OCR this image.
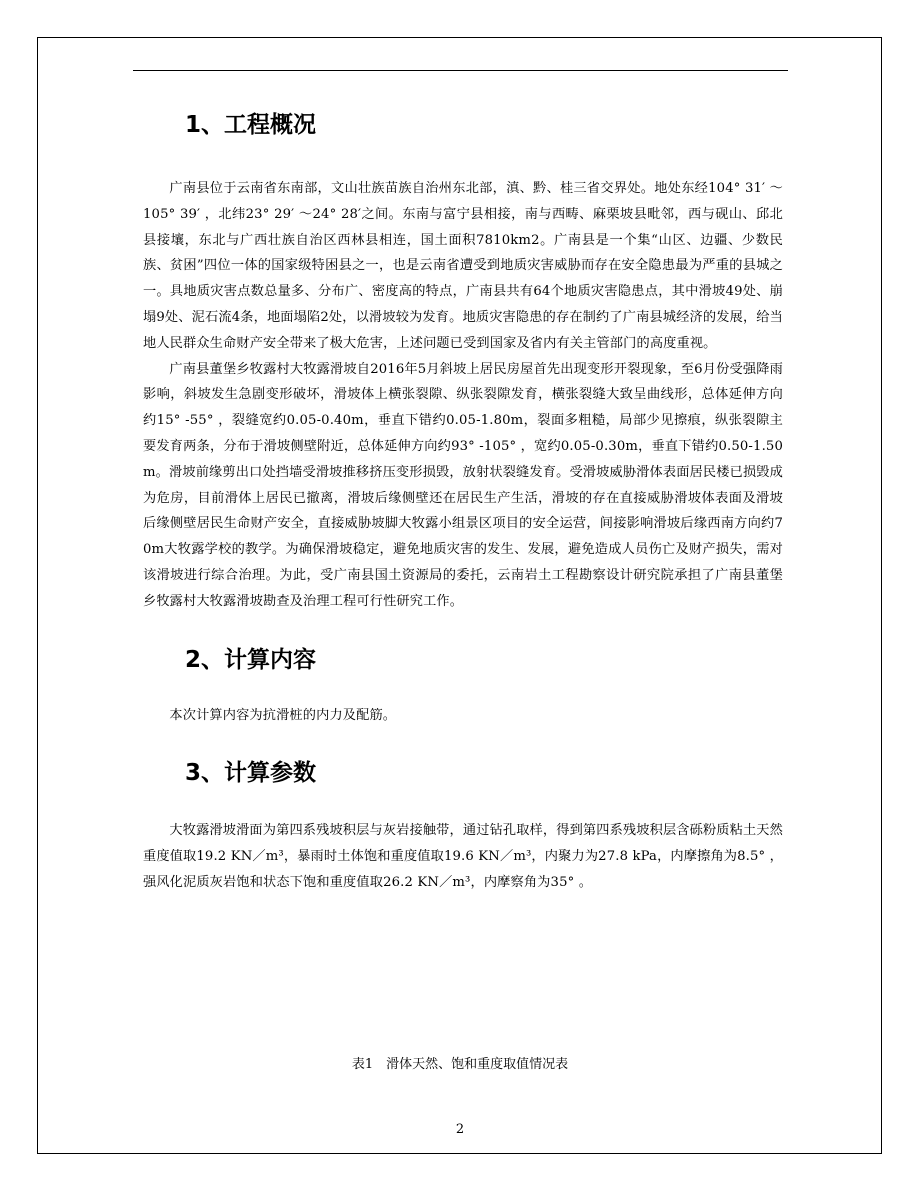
1、工程概况

广南县位于云南省东南部，文山壮族苗族自治州东北部，滇、黔、桂三省交界处。地处东经104° 31′ ～105° 39′ ，北纬23° 29′ ～24° 28′之间。东南与富宁县相接，南与西畴、麻栗坡县毗邻，西与砚山、邱北县接壤，东北与广西壮族自治区西林县相连，国土面积7810km2。广南县是一个集“山区、边疆、少数民族、贫困”四位一体的国家级特困县之一，也是云南省遭受到地质灾害威胁而存在安全隐患最为严重的县城之一。具地质灾害点数总量多、分布广、密度高的特点，广南县共有64个地质灾害隐患点，其中滑坡49处、崩塌9处、泥石流4条，地面塌陷2处，以滑坡较为发育。地质灾害隐患的存在制约了广南县城经济的发展，给当地人民群众生命财产安全带来了极大危害，上述问题已受到国家及省内有关主管部门的高度重视。

广南县董堡乡牧露村大牧露滑坡自2016年5月斜坡上居民房屋首先出现变形开裂现象，至6月份受强降雨影响，斜坡发生急剧变形破坏，滑坡体上横张裂隙、纵张裂隙发育，横张裂缝大致呈曲线形，总体延伸方向约15° -55° ，裂缝宽约0.05-0.40m，垂直下错约0.05-1.80m，裂面多粗糙，局部少见擦痕，纵张裂隙主要发育两条，分布于滑坡侧壁附近，总体延伸方向约93° -105° ，宽约0.05-0.30m，垂直下错约0.50-1.50m。滑坡前缘剪出口处挡墙受滑坡推移挤压变形损毁，放射状裂缝发育。受滑坡威胁滑体表面居民楼已损毁成为危房，目前滑体上居民已撤离，滑坡后缘侧壁还在居民生产生活，滑坡的存在直接威胁滑坡体表面及滑坡后缘侧壁居民生命财产安全，直接威胁坡脚大牧露小组景区项目的安全运营，间接影响滑坡后缘西南方向约70m大牧露学校的教学。为确保滑坡稳定，避免地质灾害的发生、发展，避免造成人员伤亡及财产损失，需对该滑坡进行综合治理。为此，受广南县国土资源局的委托，云南岩土工程勘察设计研究院承担了广南县董堡乡牧露村大牧露滑坡勘查及治理工程可行性研究工作。

2、计算内容

本次计算内容为抗滑桩的内力及配筋。

3、计算参数

大牧露滑坡滑面为第四系残坡积层与灰岩接触带，通过钻孔取样，得到第四系残坡积层含砾粉质粘土天然重度值取19.2 KN／m³，暴雨时土体饱和重度值取19.6 KN／m³，内聚力为27.8 kPa，内摩擦角为8.5° ，强风化泥质灰岩饱和状态下饱和重度值取26.2 KN／m³，内摩察角为35° 。

表1　滑体天然、饱和重度取值情况表
2
